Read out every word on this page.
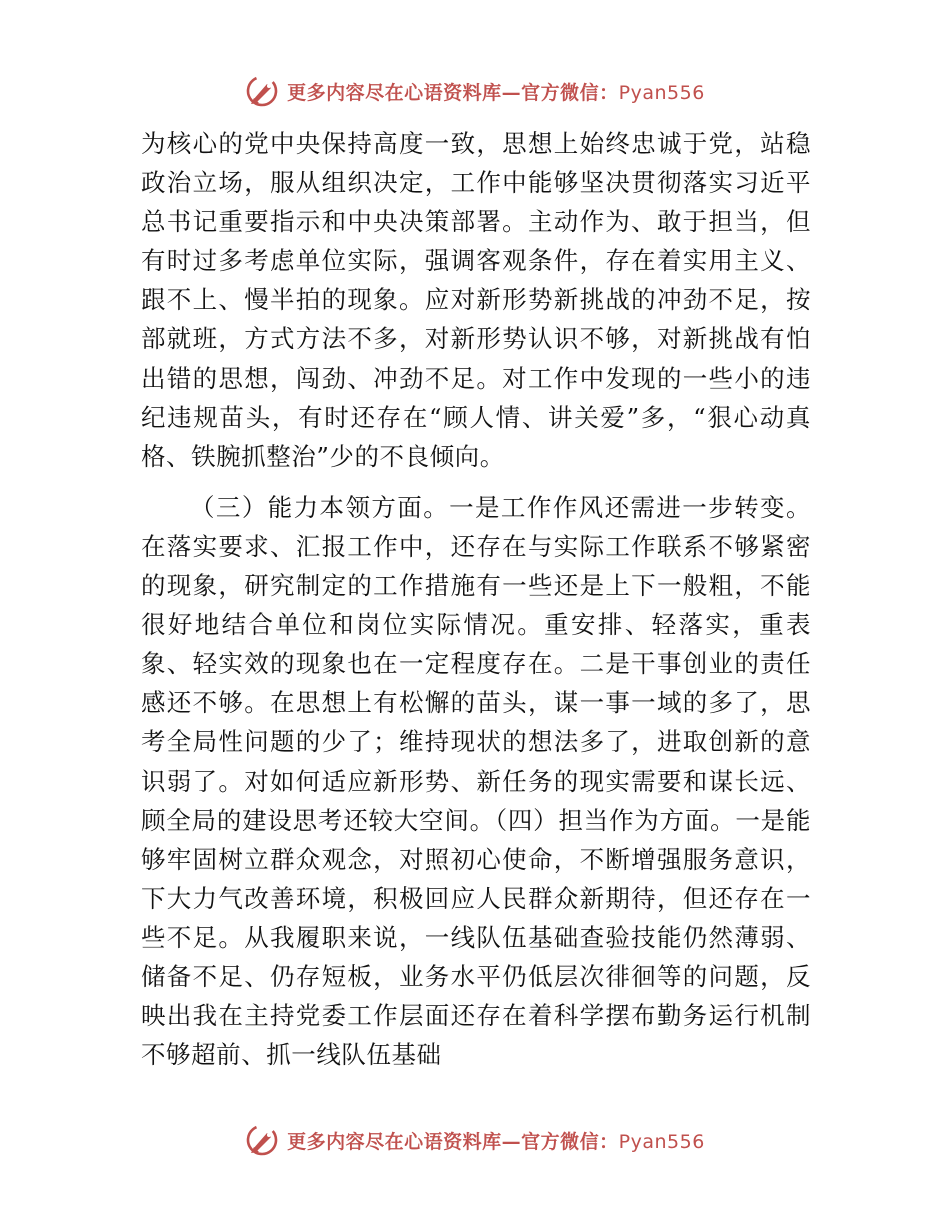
更多内容尽在心语资料库—官方微信：Pyan556

为核心的党中央保持高度一致，思想上始终忠诚于党，站稳政治立场，服从组织决定，工作中能够坚决贯彻落实习近平总书记重要指示和中央决策部署。主动作为、敢于担当，但有时过多考虑单位实际，强调客观条件，存在着实用主义、跟不上、慢半拍的现象。应对新形势新挑战的冲劲不足，按部就班，方式方法不多，对新形势认识不够，对新挑战有怕出错的思想，闯劲、冲劲不足。对工作中发现的一些小的违纪违规苗头，有时还存在“顾人情、讲关爱”多，“狠心动真格、铁腕抓整治”少的不良倾向。

（三）能力本领方面。一是工作作风还需进一步转变。在落实要求、汇报工作中，还存在与实际工作联系不够紧密的现象，研究制定的工作措施有一些还是上下一般粗，不能很好地结合单位和岗位实际情况。重安排、轻落实，重表象、轻实效的现象也在一定程度存在。二是干事创业的责任感还不够。在思想上有松懈的苗头，谋一事一域的多了，思考全局性问题的少了；维持现状的想法多了，进取创新的意识弱了。对如何适应新形势、新任务的现实需要和谋长远、顾全局的建设思考还较大空间。（四）担当作为方面。一是能够牢固树立群众观念，对照初心使命，不断增强服务意识，下大力气改善环境，积极回应人民群众新期待，但还存在一些不足。从我履职来说，一线队伍基础查验技能仍然薄弱、储备不足、仍存短板，业务水平仍低层次徘徊等的问题，反映出我在主持党委工作层面还存在着科学摆布勤务运行机制不够超前、抓一线队伍基础

更多内容尽在心语资料库—官方微信：Pyan556
